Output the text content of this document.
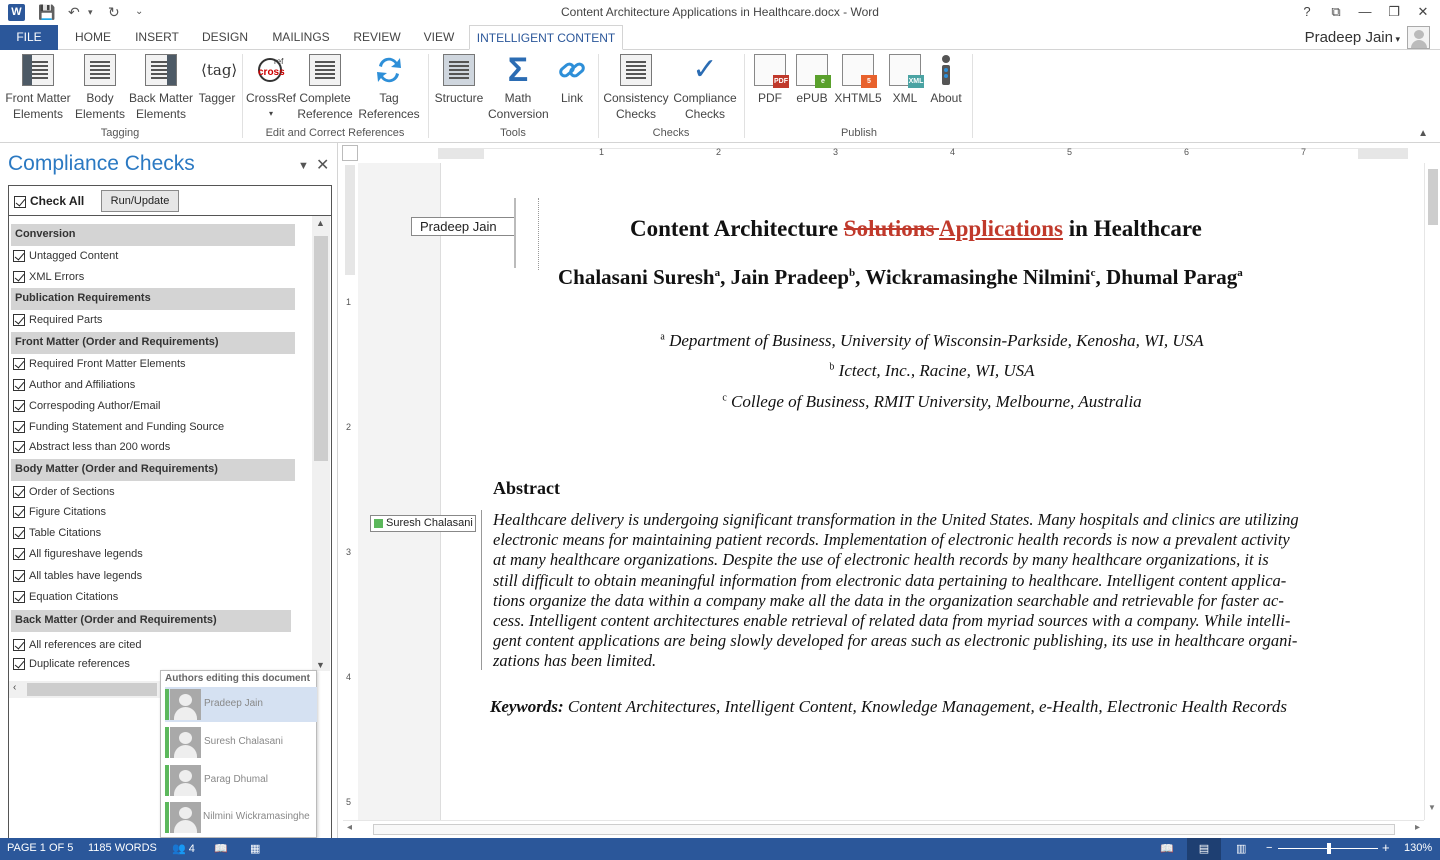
W 💾 ↶ ▾ ↻ ⌄	Content Architecture Applications in Healthcare.docx - Word	?	⧉	—	❐	✕
FILE	HOME	INSERT	DESIGN	MAILINGS	REVIEW	VIEW	INTELLIGENT CONTENT	Pradeep Jain ▾
Front Matter
Elements
Body
Elements
Back Matter
Elements
⟨tag⟩
Tagger
Tagging
cross
ref
CrossRef
▾
Complete
Reference
Tag
References
Edit and Correct References
Structure
Σ
Math
Conversion
Link
Tools
Consistency
Checks
✓
Compliance
Checks
Checks
PDF
PDF
e
ePUB
5
XHTML5
XML
XML	About
Publish	▲
Compliance Checks	▼ ✕
Check All	Run/Update
Conversion
Untagged Content
XML Errors
Publication Requirements
Required Parts
Front Matter (Order and Requirements)
Required Front Matter Elements
Author and Affiliations
Correspoding Author/Email
Funding Statement and Funding Source
Abstract less than 200 words
Body Matter (Order and Requirements)
Order of Sections
Figure Citations
Table Citations
All figureshave legends
All tables have legends
Equation Citations
Back Matter (Order and Requirements)
All references are cited
Duplicate references
▲
▼
‹
Authors editing this document
Pradeep Jain
Suresh Chalasani
Parag Dhumal
Nilmini Wickramasinghe
1	2	3	4	5	6	7
1
2
3
4
5
Pradeep Jain
Suresh Chalasani
Content Architecture Solutions Applications in Healthcare
Chalasani Suresh$^a$, Jain Pradeep$^b$, Wickramasinghe Nilmini$^c$, Dhumal Parag$^a$
$^a$ Department of Business, University of Wisconsin-Parkside, Kenosha, WI, USA
$^b$ Ictect, Inc., Racine, WI, USA
$^c$ College of Business, RMIT University, Melbourne, Australia
Abstract
Healthcare delivery is undergoing significant transformation in the United States. Many hospitals and clinics are utilizing
electronic means for maintaining patient records. Implementation of electronic health records is now a prevalent activity
at many healthcare organizations. Despite the use of electronic health records by many healthcare organizations, it is
still difficult to obtain meaningful information from electronic data pertaining to healthcare. Intelligent content applica-
tions organize the data within a company make all the data in the organization searchable and retrievable for faster ac-
cess. Intelligent content architectures enable retrieval of related data from myriad sources with a company. While intelli-
gent content applications are being slowly developed for areas such as electronic publishing, its use in healthcare organi-
zations has been limited.
Keywords: Content Architectures, Intelligent Content, Knowledge Management, e-Health, Electronic Health Records
▼
◂	▸
PAGE 1 OF 5 1185 WORDS 👥 4 📖 ▦	📖	▤	▥ −	+ 130%
